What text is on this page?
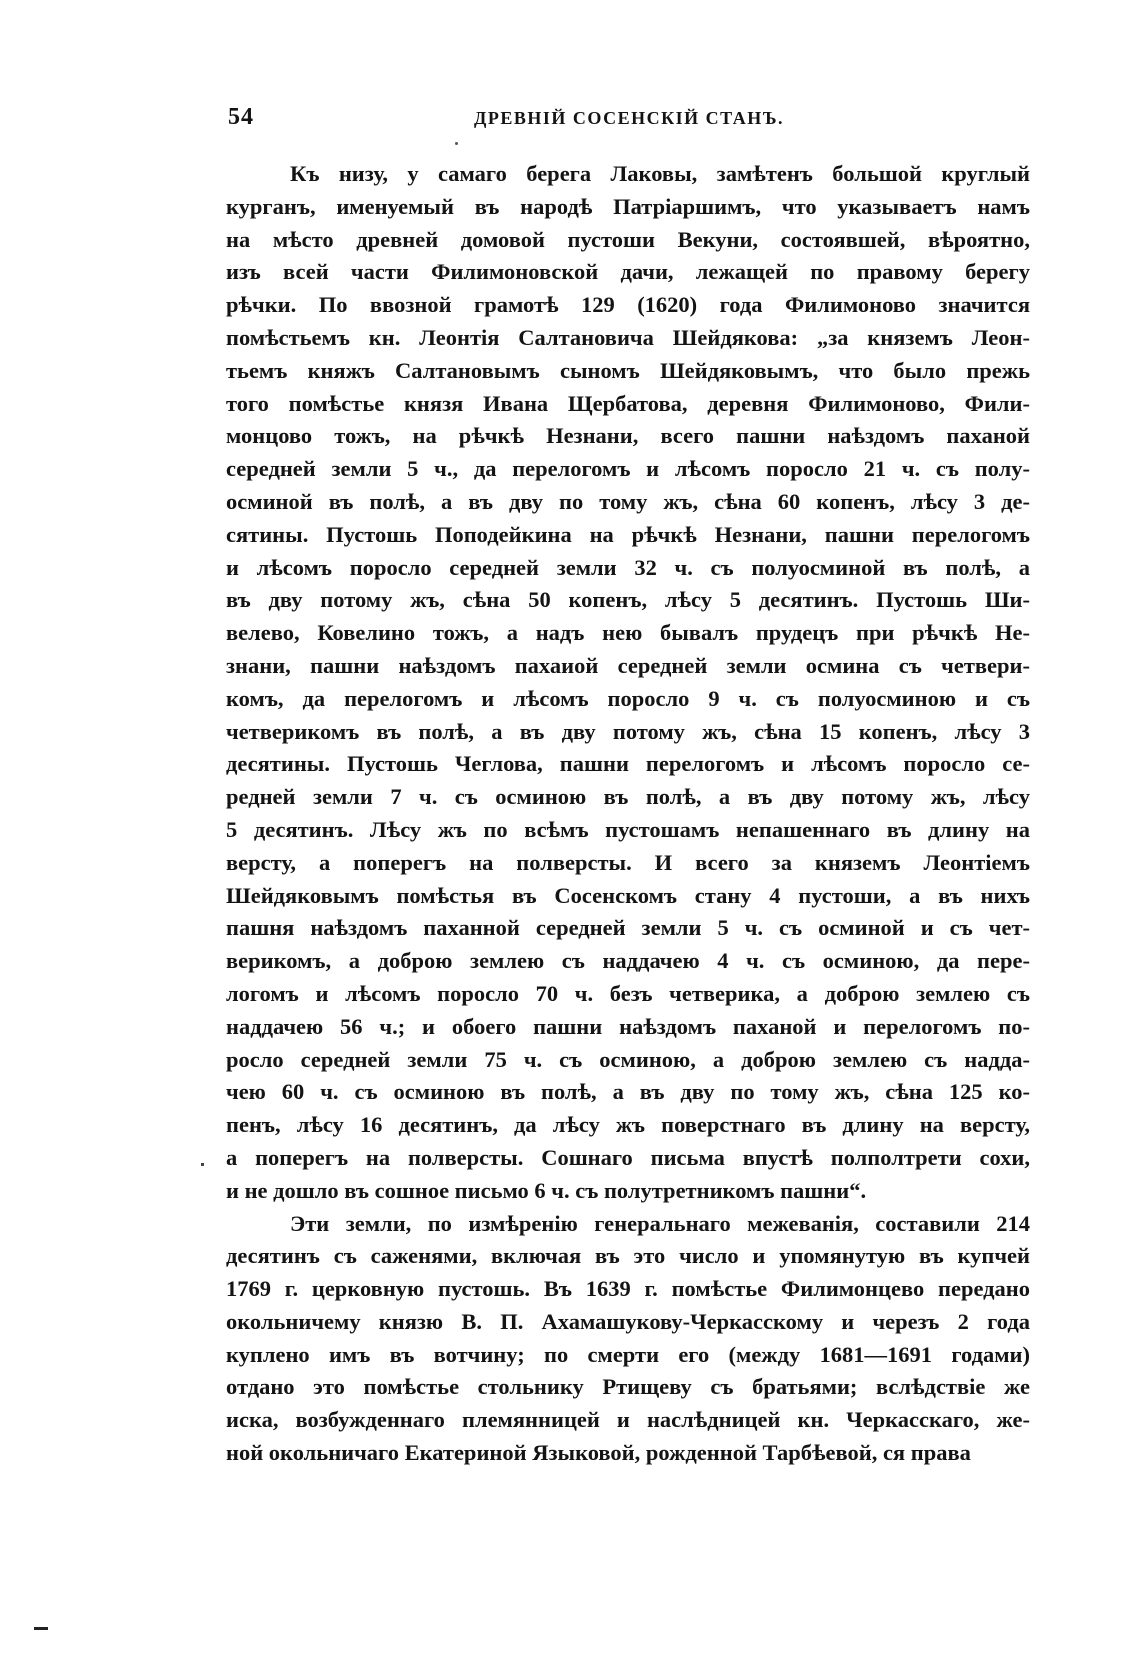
54	ДРЕВНІЙ СОСЕНСКІЙ СТАНЪ.
Къ низу, у самаго берега Лаковы, замѣтенъ большой круглый
курганъ, именуемый въ народѣ Патріаршимъ, что указываетъ намъ
на мѣсто древней домовой пустоши Векуни, состоявшей, вѣроятно,
изъ всей части Филимоновской дачи, лежащей по правому берегу
рѣчки. По ввозной грамотѣ 129 (1620) года Филимоново значится
помѣстьемъ кн. Леонтія Салтановича Шейдякова: „за княземъ Леон-
тьемъ княжъ Салтановымъ сыномъ Шейдяковымъ, что было прежь
того помѣстье князя Ивана Щербатова, деревня Филимоново, Фили-
монцово тожъ, на рѣчкѣ Незнани, всего пашни наѣздомъ паханой
середней земли 5 ч., да перелогомъ и лѣсомъ поросло 21 ч. съ полу-
осминой въ полѣ, а въ дву по тому жъ, сѣна 60 копенъ, лѣсу 3 де-
сятины. Пустошь Поподейкина на рѣчкѣ Незнани, пашни перелогомъ
и лѣсомъ поросло середней земли 32 ч. съ полуосминой въ полѣ, а
въ дву потому жъ, сѣна 50 копенъ, лѣсу 5 десятинъ. Пустошь Ши-
велево, Ковелино тожъ, а надъ нею бывалъ прудецъ при рѣчкѣ Не-
знани, пашни наѣздомъ пахаиой середней земли осмина съ четвери-
комъ, да перелогомъ и лѣсомъ поросло 9 ч. съ полуосминою и съ
четверикомъ въ полѣ, а въ дву потому жъ, сѣна 15 копенъ, лѣсу 3
десятины. Пустошь Чеглова, пашни перелогомъ и лѣсомъ поросло се-
редней земли 7 ч. съ осминою въ полѣ, а въ дву потому жъ, лѣсу
5 десятинъ. Лѣсу жъ по всѣмъ пустошамъ непашеннаго въ длину на
версту, а поперегъ на полверсты. И всего за княземъ Леонтіемъ
Шейдяковымъ помѣстья въ Сосенскомъ стану 4 пустоши, а въ нихъ
пашня наѣздомъ паханной середней земли 5 ч. съ осминой и съ чет-
верикомъ, а доброю землею съ наддачею 4 ч. съ осминою, да пере-
логомъ и лѣсомъ поросло 70 ч. безъ четверика, а доброю землею съ
наддачею 56 ч.; и обоего пашни наѣздомъ паханой и перелогомъ по-
росло середней земли 75 ч. съ осминою, а доброю землею съ надда-
чею 60 ч. съ осминою въ полѣ, а въ дву по тому жъ, сѣна 125 ко-
пенъ, лѣсу 16 десятинъ, да лѣсу жъ поверстнаго въ длину на версту,
а поперегъ на полверсты. Сошнаго письма впустѣ полполтрети сохи,
и не дошло въ сошное письмо 6 ч. съ полутретникомъ пашни“.
Эти земли, по измѣренію генеральнаго межеванія, составили 214
десятинъ съ саженями, включая въ это число и упомянутую въ купчей
1769 г. церковную пустошь. Въ 1639 г. помѣстье Филимонцево передано
окольничему князю В. П. Ахамашукову-Черкасскому и черезъ 2 года
куплено имъ въ вотчину; по смерти его (между 1681—1691 годами)
отдано это помѣстье стольнику Ртищеву съ братьями; вслѣдствіе же
иска, возбужденнаго племянницей и наслѣдницей кн. Черкасскаго, же-
ной окольничаго Екатериной Языковой, рожденной Тарбѣевой, ся права
